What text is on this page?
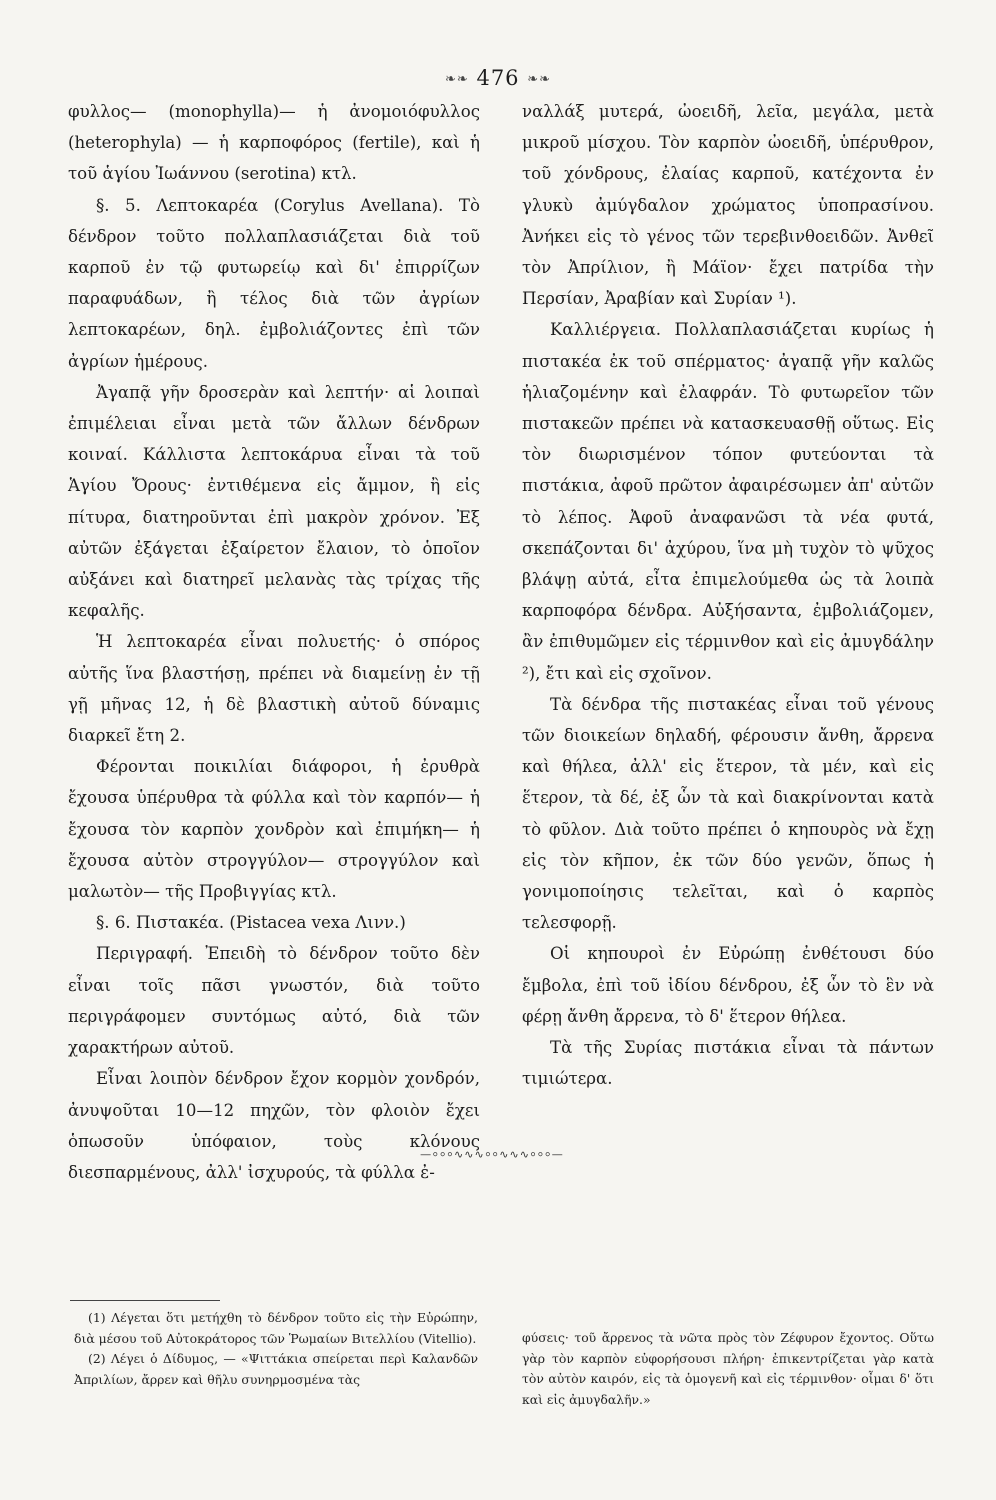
❧❧ 476 ❧❧

φυλλος— (monophylla)— ἡ ἀνομοιόφυλλος (heterophyla) — ἡ καρποφόρος (fertile), καὶ ἡ τοῦ ἁγίου Ἰωάννου (serotina) κτλ.

§. 5. Λεπτοκαρέα (Corylus Avellana). Τὸ δένδρον τοῦτο πολλαπλασιάζεται διὰ τοῦ καρποῦ ἐν τῷ φυτωρείῳ καὶ δι' ἐπιρρίζων παραφυάδων, ἢ τέλος διὰ τῶν ἀγρίων λεπτοκαρέων, δηλ. ἐμβολιάζοντες ἐπὶ τῶν ἀγρίων ἡμέρους.

Ἀγαπᾷ γῆν δροσερὰν καὶ λεπτήν· αἱ λοιπαὶ ἐπιμέλειαι εἶναι μετὰ τῶν ἄλλων δένδρων κοιναί. Κάλλιστα λεπτοκάρυα εἶναι τὰ τοῦ Ἁγίου Ὄρους· ἐντιθέμενα εἰς ἄμμον, ἢ εἰς πίτυρα, διατηροῦνται ἐπὶ μακρὸν χρόνον. Ἐξ αὐτῶν ἐξάγεται ἐξαίρετον ἔλαιον, τὸ ὁποῖον αὐξάνει καὶ διατηρεῖ μελανὰς τὰς τρίχας τῆς κεφαλῆς.

Ἡ λεπτοκαρέα εἶναι πολυετής· ὁ σπόρος αὐτῆς ἵνα βλαστήσῃ, πρέπει νὰ διαμείνῃ ἐν τῇ γῇ μῆνας 12, ἡ δὲ βλαστικὴ αὐτοῦ δύναμις διαρκεῖ ἔτη 2.

Φέρονται ποικιλίαι διάφοροι, ἡ ἐρυθρὰ ἔχουσα ὑπέρυθρα τὰ φύλλα καὶ τὸν καρπόν— ἡ ἔχουσα τὸν καρπὸν χονδρὸν καὶ ἐπιμήκη— ἡ ἔχουσα αὐτὸν στρογγύλον— στρογγύλον καὶ μαλωτὸν— τῆς Προβιγγίας κτλ.

§. 6. Πιστακέα. (Pistacea vexa Λινν.)

Περιγραφή. Ἐπειδὴ τὸ δένδρον τοῦτο δὲν εἶναι τοῖς πᾶσι γνωστόν, διὰ τοῦτο περιγράφομεν συντόμως αὐτό, διὰ τῶν χαρακτήρων αὐτοῦ.

Εἶναι λοιπὸν δένδρον ἔχον κορμὸν χονδρόν, ἀνυψοῦται 10—12 πηχῶν, τὸν φλοιὸν ἔχει ὁπωσοῦν ὑπόφαιον, τοὺς κλόνους διεσπαρμένους, ἀλλ' ἰσχυρούς, τὰ φύλλα ἐ-

ναλλάξ μυτερά, ὠοειδῆ, λεῖα, μεγάλα, μετὰ μικροῦ μίσχου. Τὸν καρπὸν ὠοειδῆ, ὑπέρυθρον, τοῦ χόνδρους, ἐλαίας καρποῦ, κατέχοντα ἐν γλυκὺ ἀμύγδαλον χρώματος ὑποπρασίνου. Ἀνήκει εἰς τὸ γένος τῶν τερεβινθοειδῶν. Ἀνθεῖ τὸν Ἀπρίλιον, ἢ Μάϊον· ἔχει πατρίδα τὴν Περσίαν, Ἀραβίαν καὶ Συρίαν ¹).

Καλλιέργεια. Πολλαπλασιάζεται κυρίως ἡ πιστακέα ἐκ τοῦ σπέρματος· ἀγαπᾷ γῆν καλῶς ἡλιαζομένην καὶ ἐλαφράν. Τὸ φυτωρεῖον τῶν πιστακεῶν πρέπει νὰ κατασκευασθῇ οὕτως. Εἰς τὸν διωρισμένον τόπον φυτεύονται τὰ πιστάκια, ἀφοῦ πρῶτον ἀφαιρέσωμεν ἀπ' αὐτῶν τὸ λέπος. Ἀφοῦ ἀναφανῶσι τὰ νέα φυτά, σκεπάζονται δι' ἀχύρου, ἵνα μὴ τυχὸν τὸ ψῦχος βλάψῃ αὐτά, εἶτα ἐπιμελούμεθα ὡς τὰ λοιπὰ καρποφόρα δένδρα. Αὐξήσαντα, ἐμβολιάζομεν, ἂν ἐπιθυμῶμεν εἰς τέρμινθον καὶ εἰς ἀμυγδάλην ²), ἔτι καὶ εἰς σχοῖνον.

Τὰ δένδρα τῆς πιστακέας εἶναι τοῦ γένους τῶν διοικείων δηλαδή, φέρουσιν ἄνθη, ἄρρενα καὶ θήλεα, ἀλλ' εἰς ἕτερον, τὰ μέν, καὶ εἰς ἕτερον, τὰ δέ, ἐξ ὧν τὰ καὶ διακρίνονται κατὰ τὸ φῦλον. Διὰ τοῦτο πρέπει ὁ κηπουρὸς νὰ ἔχῃ εἰς τὸν κῆπον, ἐκ τῶν δύο γενῶν, ὅπως ἡ γονιμοποίησις τελεῖται, καὶ ὁ καρπὸς τελεσφορῇ.

Οἱ κηπουροὶ ἐν Εὐρώπῃ ἐνθέτουσι δύο ἔμβολα, ἐπὶ τοῦ ἰδίου δένδρου, ἐξ ὧν τὸ ἓν νὰ φέρῃ ἄνθη ἄρρενα, τὸ δ' ἕτερον θήλεα.

Τὰ τῆς Συρίας πιστάκια εἶναι τὰ πάντων τιμιώτερα.

—⸰⸰⸰∿∿∿⸰⸰∿∿∿⸰⸰⸰—

(1) Λέγεται ὅτι μετήχθη τὸ δένδρον τοῦτο εἰς τὴν Εὐρώπην, διὰ μέσου τοῦ Αὐτοκράτορος τῶν Ῥωμαίων Βιτελλίου (Vitellio).

(2) Λέγει ὁ Δίδυμος, — «Ψιττάκια σπείρεται περὶ Καλανδῶν Ἀπριλίων, ἄρρεν καὶ θῆλυ συνηρμοσμένα τὰς

φύσεις· τοῦ ἄρρενος τὰ νῶτα πρὸς τὸν Ζέφυρον ἔχοντος. Οὕτω γὰρ τὸν καρπὸν εὐφορήσουσι πλήρη· ἐπικεντρίζεται γὰρ κατὰ τὸν αὐτὸν καιρόν, εἰς τὰ ὁμογενῆ καὶ εἰς τέρμινθον· οἶμαι δ' ὅτι καὶ εἰς ἀμυγδαλῆν.»
